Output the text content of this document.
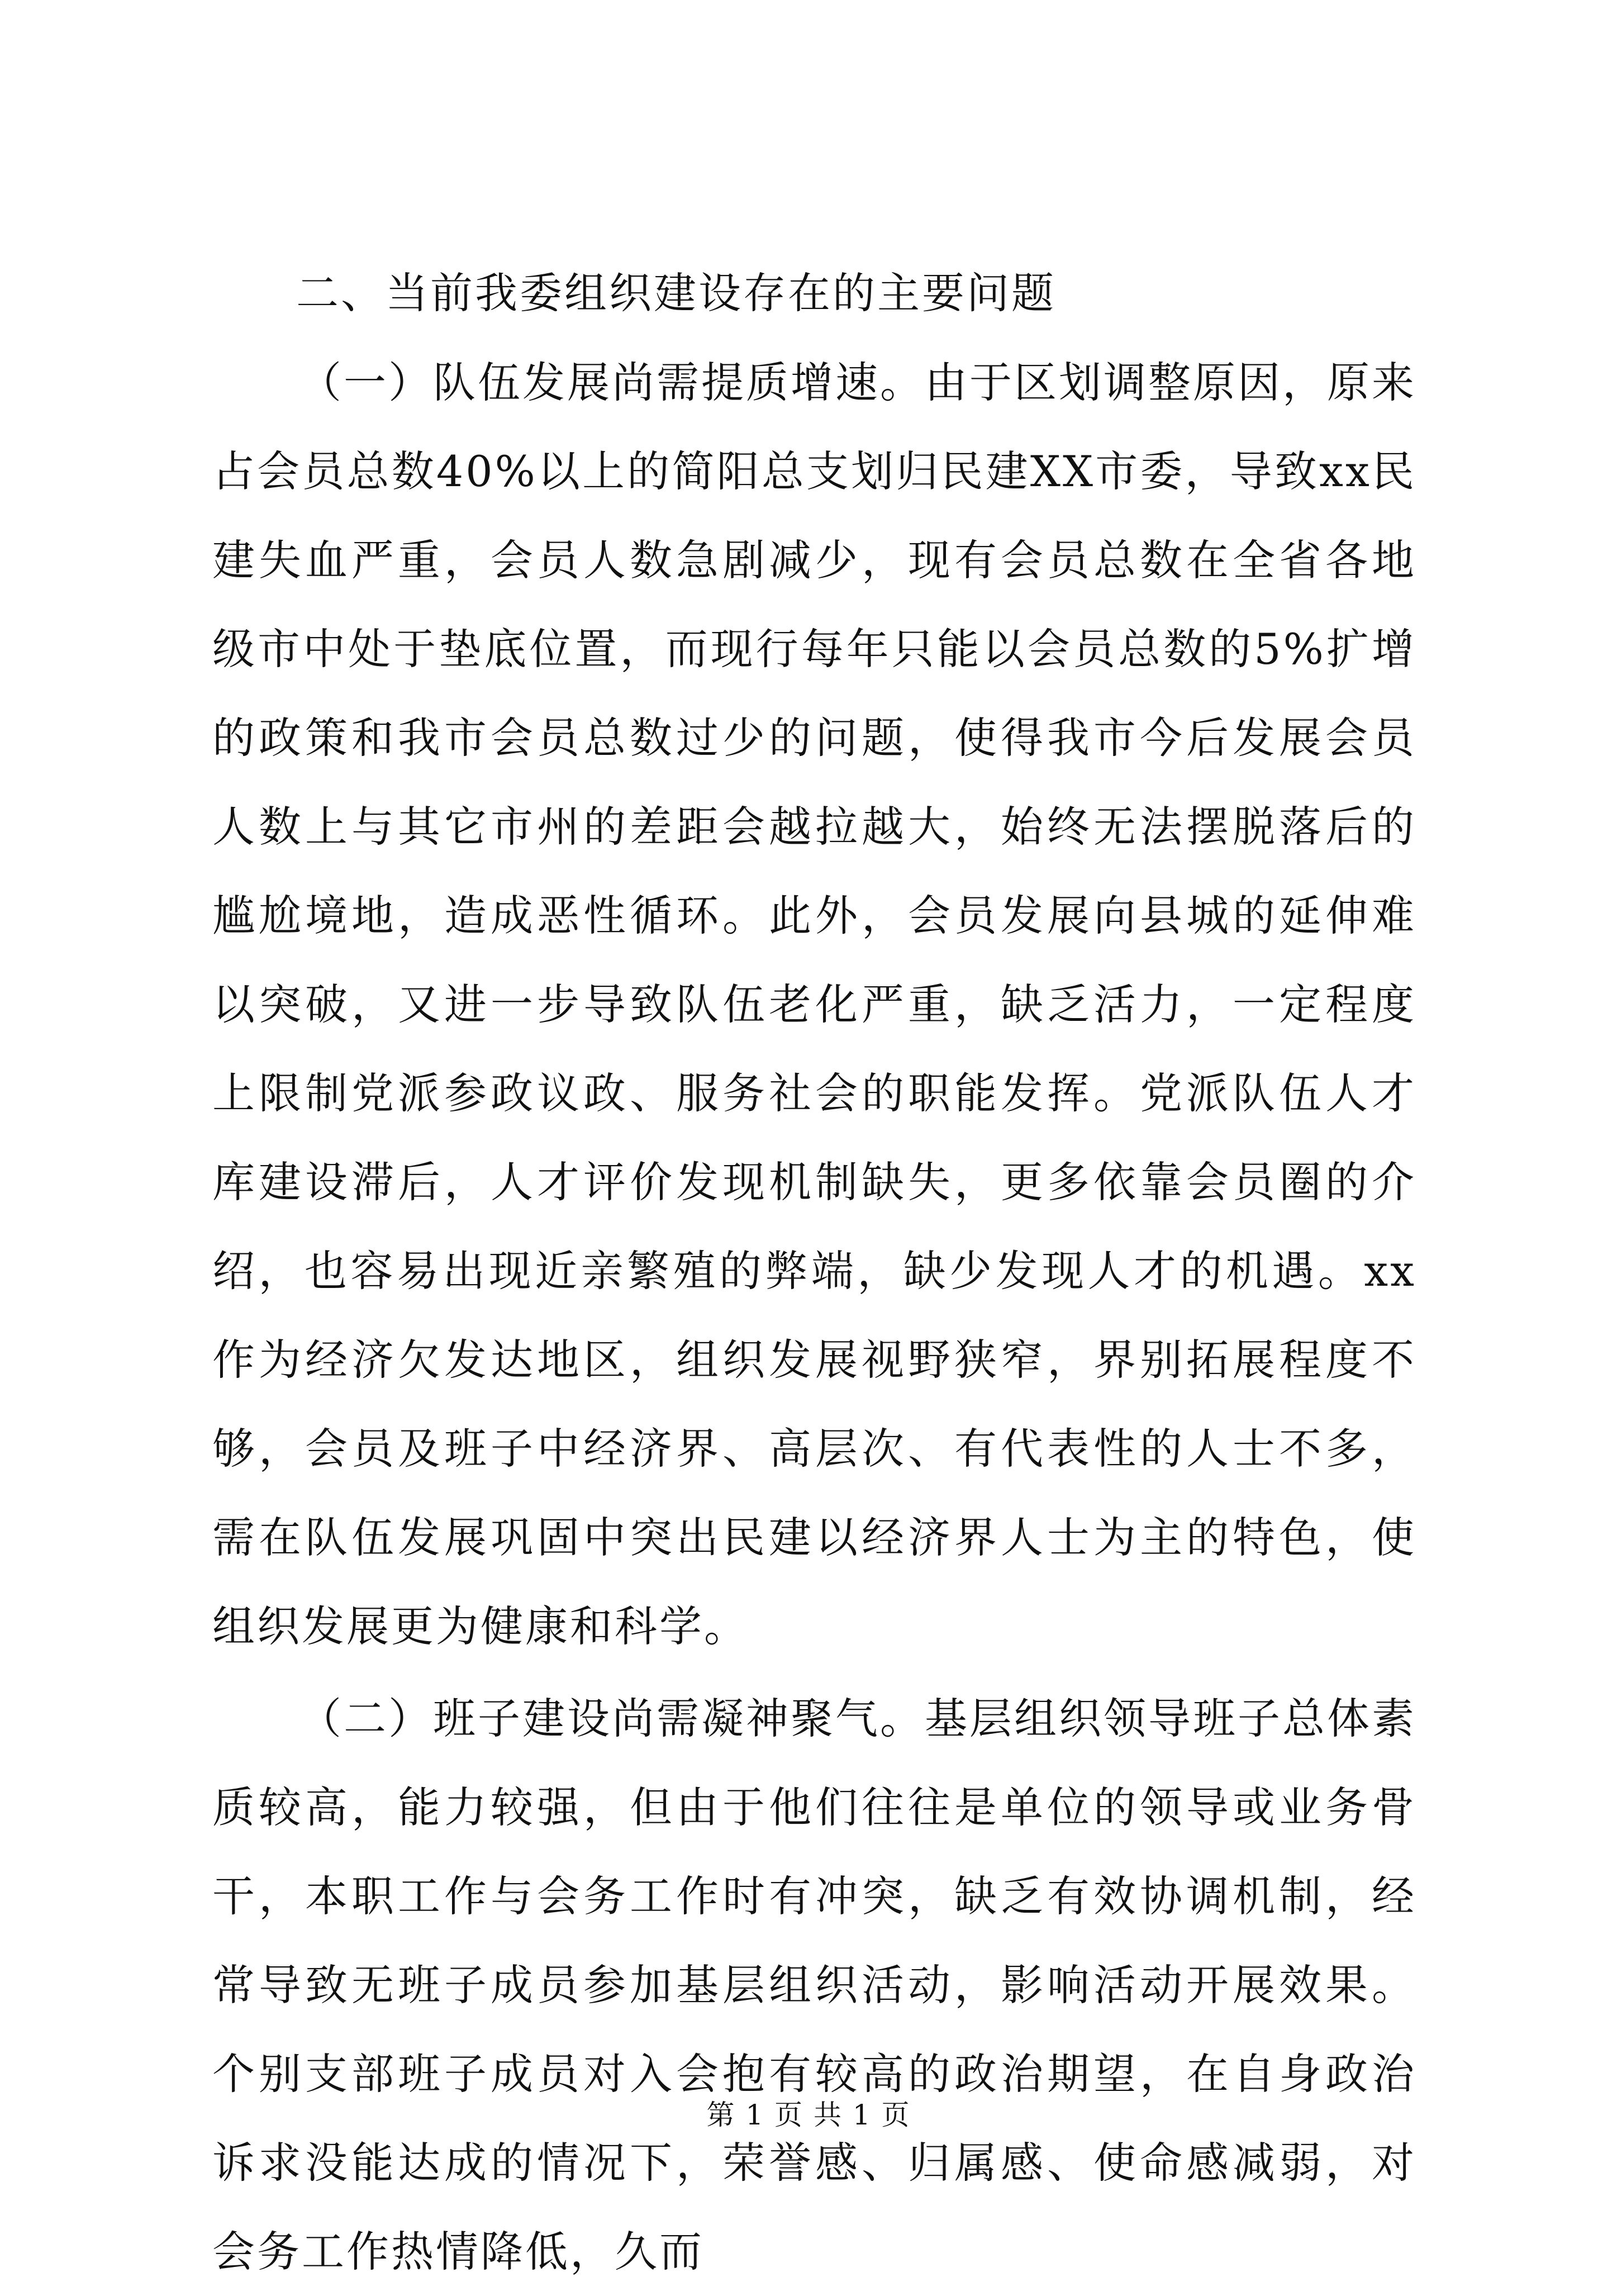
二、当前我委组织建设存在的主要问题

（一）队伍发展尚需提质增速。由于区划调整原因，原来占会员总数40%以上的简阳总支划归民建XX市委，导致xx民建失血严重，会员人数急剧减少，现有会员总数在全省各地级市中处于垫底位置，而现行每年只能以会员总数的5%扩增的政策和我市会员总数过少的问题，使得我市今后发展会员人数上与其它市州的差距会越拉越大，始终无法摆脱落后的尴尬境地，造成恶性循环。此外，会员发展向县城的延伸难以突破，又进一步导致队伍老化严重，缺乏活力，一定程度上限制党派参政议政、服务社会的职能发挥。党派队伍人才库建设滞后，人才评价发现机制缺失，更多依靠会员圈的介绍，也容易出现近亲繁殖的弊端，缺少发现人才的机遇。xx作为经济欠发达地区，组织发展视野狭窄，界别拓展程度不够，会员及班子中经济界、高层次、有代表性的人士不多，需在队伍发展巩固中突出民建以经济界人士为主的特色，使组织发展更为健康和科学。

（二）班子建设尚需凝神聚气。基层组织领导班子总体素质较高，能力较强，但由于他们往往是单位的领导或业务骨干，本职工作与会务工作时有冲突，缺乏有效协调机制，经常导致无班子成员参加基层组织活动，影响活动开展效果。个别支部班子成员对入会抱有较高的政治期望，在自身政治诉求没能达成的情况下，荣誉感、归属感、使命感减弱，对会务工作热情降低，久而

第 1 页 共 1 页
